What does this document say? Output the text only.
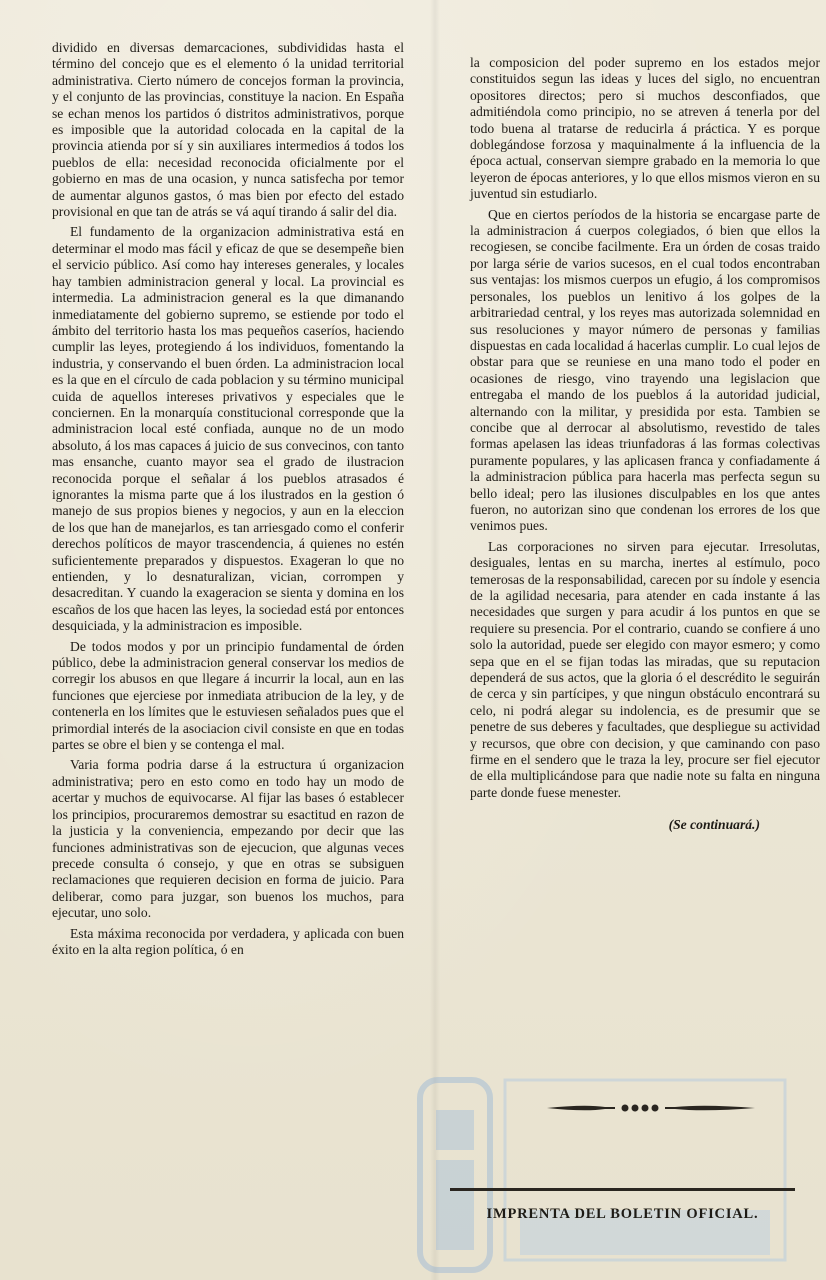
dividido en diversas demarcaciones, subdivididas hasta el término del concejo que es el elemento ó la unidad territorial administrativa. Cierto número de concejos forman la provincia, y el conjunto de las provincias, constituye la nacion. En España se echan menos los partidos ó distritos administrativos, porque es imposible que la autoridad colocada en la capital de la provincia atienda por sí y sin auxiliares intermedios á todos los pueblos de ella: necesidad reconocida oficialmente por el gobierno en mas de una ocasion, y nunca satisfecha por temor de aumentar algunos gastos, ó mas bien por efecto del estado provisional en que tan de atrás se vá aquí tirando á salir del dia.

El fundamento de la organizacion administrativa está en determinar el modo mas fácil y eficaz de que se desempeñe bien el servicio público. Así como hay intereses generales, y locales hay tambien administracion general y local. La provincial es intermedia. La administracion general es la que dimanando inmediatamente del gobierno supremo, se estiende por todo el ámbito del territorio hasta los mas pequeños caseríos, haciendo cumplir las leyes, protegiendo á los individuos, fomentando la industria, y conservando el buen órden. La administracion local es la que en el círculo de cada poblacion y su término municipal cuida de aquellos intereses privativos y especiales que le conciernen. En la monarquía constitucional corresponde que la administracion local esté confiada, aunque no de un modo absoluto, á los mas capaces á juicio de sus convecinos, con tanto mas ensanche, cuanto mayor sea el grado de ilustracion reconocida porque el señalar á los pueblos atrasados é ignorantes la misma parte que á los ilustrados en la gestion ó manejo de sus propios bienes y negocios, y aun en la eleccion de los que han de manejarlos, es tan arriesgado como el conferir derechos políticos de mayor trascendencia, á quienes no estén suficientemente preparados y dispuestos. Exageran lo que no entienden, y lo desnaturalizan, vician, corrompen y desacreditan. Y cuando la exageracion se sienta y domina en los escaños de los que hacen las leyes, la sociedad está por entonces desquiciada, y la administracion es imposible.

De todos modos y por un principio fundamental de órden público, debe la administracion general conservar los medios de corregir los abusos en que llegare á incurrir la local, aun en las funciones que ejerciese por inmediata atribucion de la ley, y de contenerla en los límites que le estuviesen señalados pues que el primordial interés de la asociacion civil consiste en que en todas partes se obre el bien y se contenga el mal.

Varia forma podria darse á la estructura ú organizacion administrativa; pero en esto como en todo hay un modo de acertar y muchos de equivocarse. Al fijar las bases ó establecer los principios, procuraremos demostrar su esactitud en razon de la justicia y la conveniencia, empezando por decir que las funciones administrativas son de ejecucion, que algunas veces precede consulta ó consejo, y que en otras se subsiguen reclamaciones que requieren decision en forma de juicio. Para deliberar, como para juzgar, son buenos los muchos, para ejecutar, uno solo.

Esta máxima reconocida por verdadera, y aplicada con buen éxito en la alta region política, ó en

la composicion del poder supremo en los estados mejor constituidos segun las ideas y luces del siglo, no encuentran opositores directos; pero si muchos desconfiados, que admitiéndola como principio, no se atreven á tenerla por del todo buena al tratarse de reducirla á práctica. Y es porque doblegándose forzosa y maquinalmente á la influencia de la época actual, conservan siempre grabado en la memoria lo que leyeron de épocas anteriores, y lo que ellos mismos vieron en su juventud sin estudiarlo.

Que en ciertos períodos de la historia se encargase parte de la administracion á cuerpos colegiados, ó bien que ellos la recogiesen, se concibe facilmente. Era un órden de cosas traido por larga série de varios sucesos, en el cual todos encontraban sus ventajas: los mismos cuerpos un efugio, á los compromisos personales, los pueblos un lenitivo á los golpes de la arbitrariedad central, y los reyes mas autorizada solemnidad en sus resoluciones y mayor número de personas y familias dispuestas en cada localidad á hacerlas cumplir. Lo cual lejos de obstar para que se reuniese en una mano todo el poder en ocasiones de riesgo, vino trayendo una legislacion que entregaba el mando de los pueblos á la autoridad judicial, alternando con la militar, y presidida por esta. Tambien se concibe que al derrocar al absolutismo, revestido de tales formas apelasen las ideas triunfadoras á las formas colectivas puramente populares, y las aplicasen franca y confiadamente á la administracion pública para hacerla mas perfecta segun su bello ideal; pero las ilusiones disculpables en los que antes fueron, no autorizan sino que condenan los errores de los que venimos pues.

Las corporaciones no sirven para ejecutar. Irresolutas, desiguales, lentas en su marcha, inertes al estímulo, poco temerosas de la responsabilidad, carecen por su índole y esencia de la agilidad necesaria, para atender en cada instante á las necesidades que surgen y para acudir á los puntos en que se requiere su presencia. Por el contrario, cuando se confiere á uno solo la autoridad, puede ser elegido con mayor esmero; y como sepa que en el se fijan todas las miradas, que su reputacion dependerá de sus actos, que la gloria ó el descrédito le seguirán de cerca y sin partícipes, y que ningun obstáculo encontrará su celo, ni podrá alegar su indolencia, es de presumir que se penetre de sus deberes y facultades, que despliegue su actividad y recursos, que obre con decision, y que caminando con paso firme en el sendero que le traza la ley, procure ser fiel ejecutor de ella multiplicándose para que nadie note su falta en ninguna parte donde fuese menester.

(Se continuará.)
IMPRENTA DEL BOLETIN OFICIAL.
